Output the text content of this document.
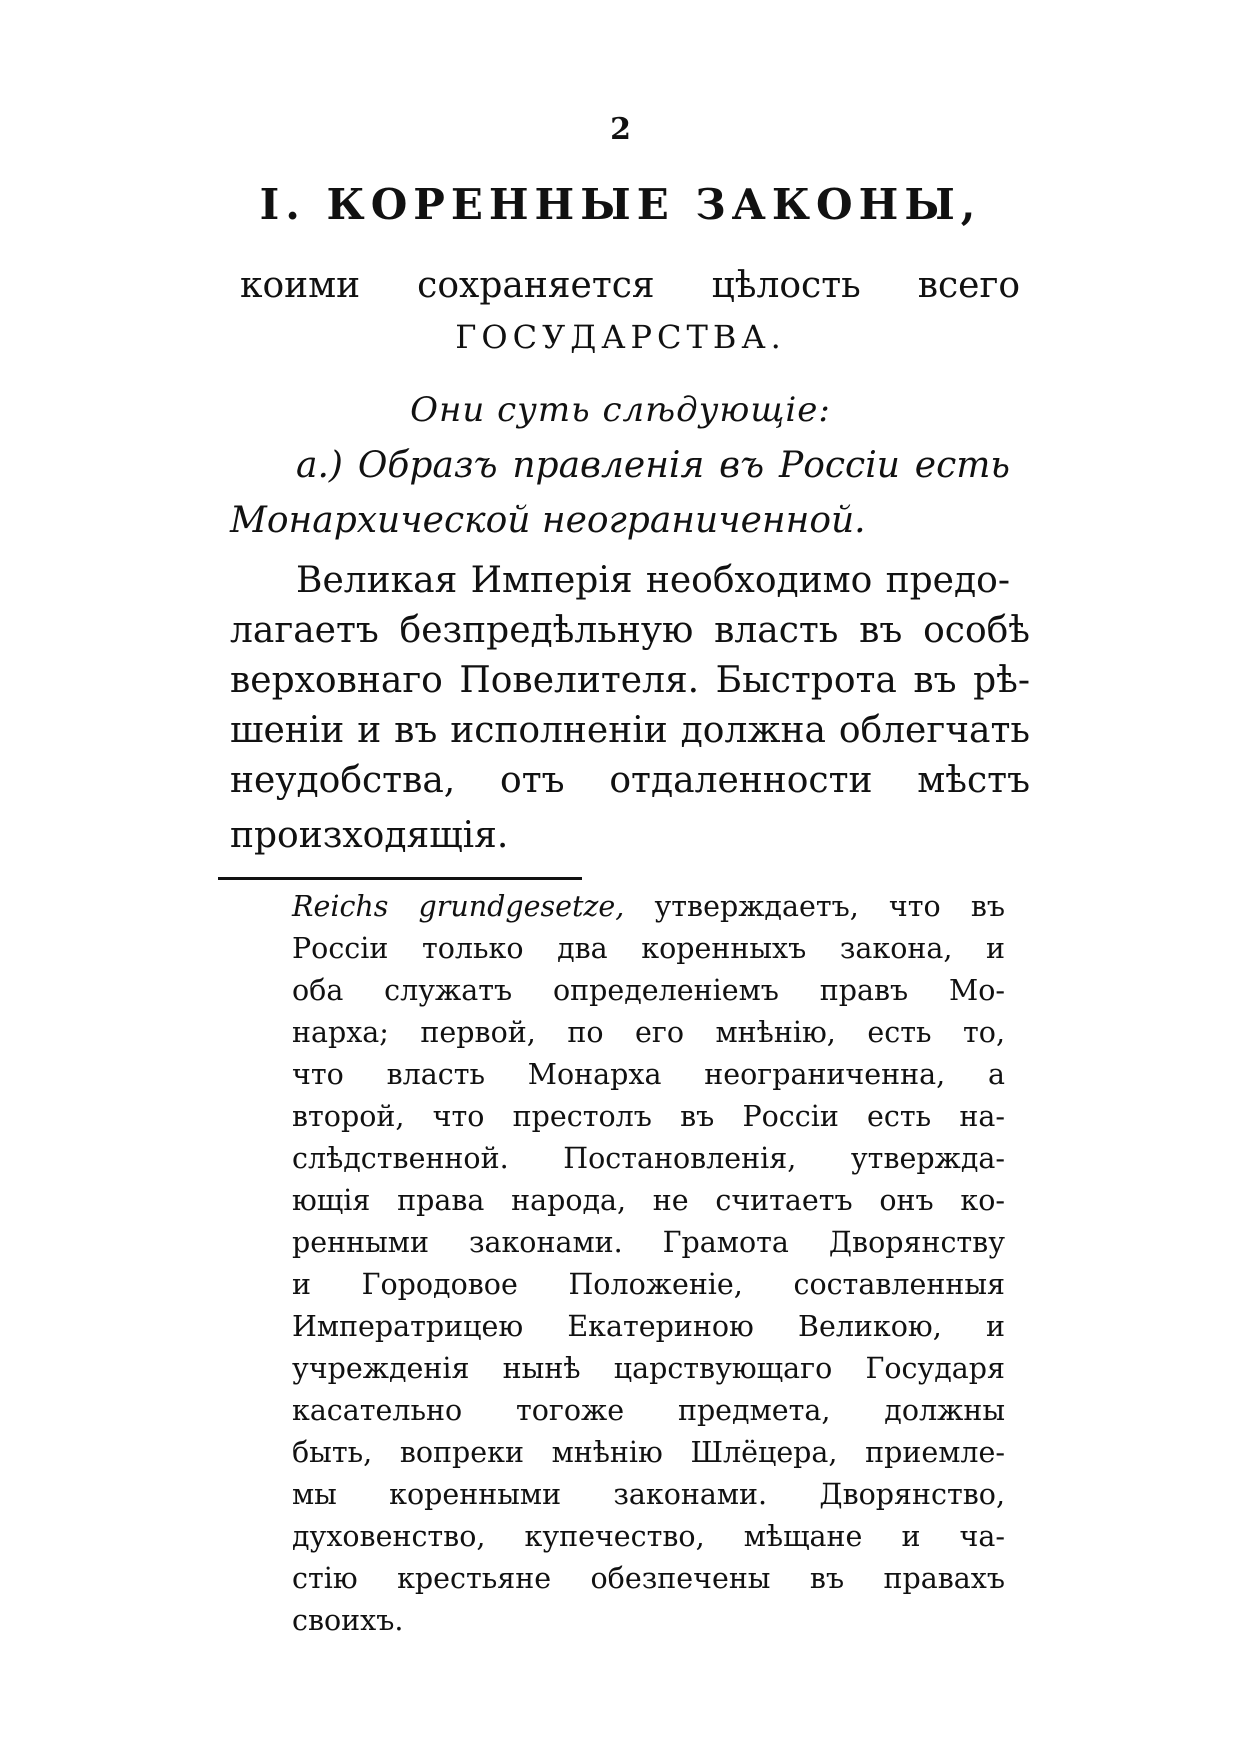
2
I. КОРЕННЫЕ ЗАКОНЫ,
коими сохраняется цѣлость всего
ГОСУДАРСТВА.
Они суть слѣдующіе:
а.) Образъ правленія въ Россіи есть
Монархической неограниченной.
Великая Имперія необходимо предо-
лагаетъ безпредѣльную власть въ особѣ
верховнаго Повелителя. Быстрота въ рѣ-
шеніи и въ исполненіи должна облегчать
неудобства, отъ отдаленности мѣстъ
произходящія.
Reichs grundgesetze, утверждаетъ, что въ
Россіи только два коренныхъ закона, и
оба служатъ определеніемъ правъ Мо-
нарха; первой, по его мнѣнію, есть то,
что власть Монарха неограниченна, а
вторoй, что престолъ въ Россіи есть на-
слѣдственной. Постановленія, утвержда-
ющія права народа, не считаетъ онъ ко-
ренными законами. Грамота Дворянству
и Городовое Положеніе, составленныя
Императрицею Екатериною Великою, и
учрежденія нынѣ царствующаго Государя
касательно тогоже предмета, должны
быть, вопреки мнѣнію Шлёцера, приемле-
мы коренными законами. Дворянство,
духовенство, купечество, мѣщане и ча-
стію крестьяне обезпечены въ правахъ
своихъ.
